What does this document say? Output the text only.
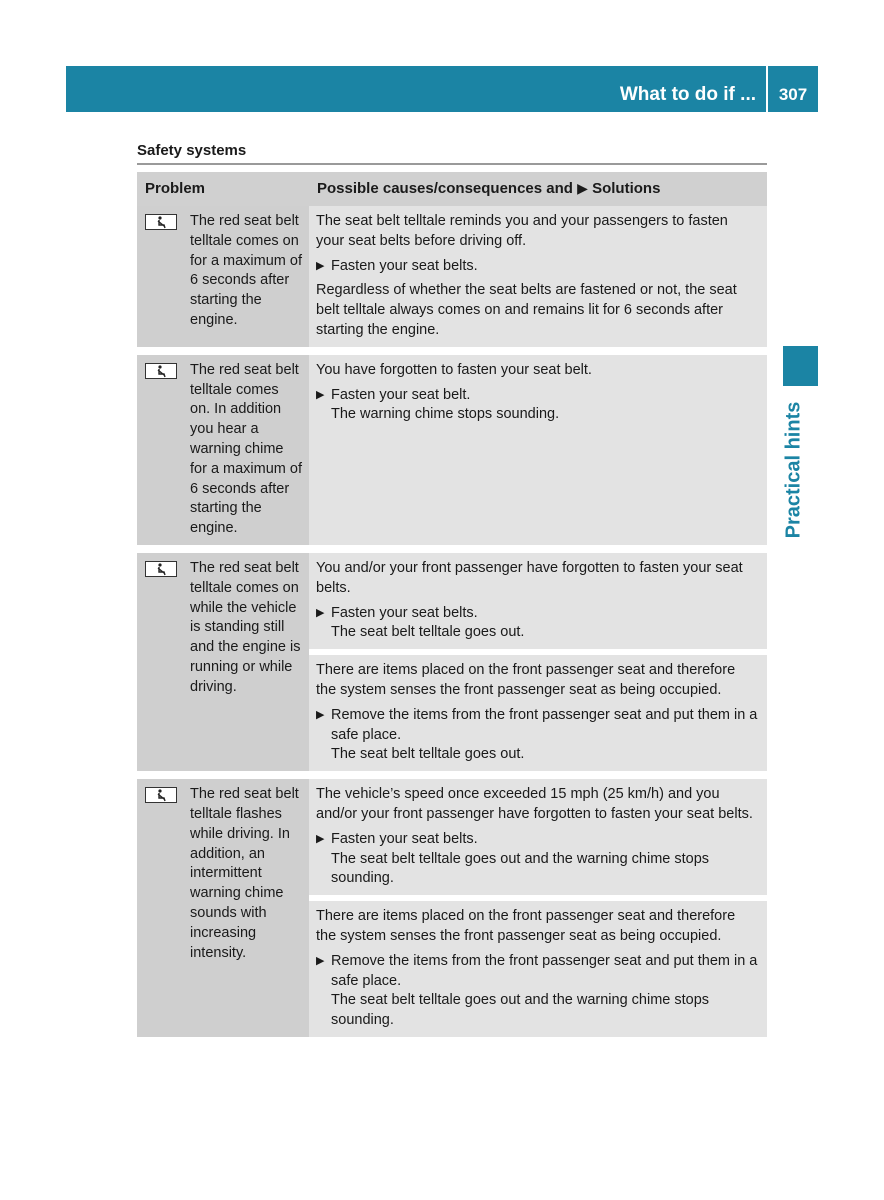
What to do if ...	307
Safety systems
Practical hints
Problem	Possible causes/consequences and ▶ Solutions

The red seat belt telltale comes on for a maximum of 6 seconds after starting the engine.	The seat belt telltale reminds you and your passengers to fasten your seat belts before driving off.

▶ Fasten your seat belts.

Regardless of whether the seat belts are fastened or not, the seat belt telltale always comes on and remains lit for 6 seconds after starting the engine.

The red seat belt telltale comes on. In addition you hear a warning chime for a maximum of 6 seconds after starting the engine.	You have forgotten to fasten your seat belt.

▶ Fasten your seat belt.
The warning chime stops sounding.

The red seat belt telltale comes on while the vehicle is standing still and the engine is running or while driving.	You and/or your front passenger have forgotten to fasten your seat belts.

▶ Fasten your seat belts.
The seat belt telltale goes out.

	There are items placed on the front passenger seat and therefore the system senses the front passenger seat as being occupied.

▶ Remove the items from the front passenger seat and put them in a safe place.
The seat belt telltale goes out.

The red seat belt telltale flashes while driving. In addition, an intermittent warning chime sounds with increasing intensity.	The vehicle’s speed once exceeded 15 mph (25 km/h) and you and/or your front passenger have forgotten to fasten your seat belts.

▶ Fasten your seat belts.
The seat belt telltale goes out and the warning chime stops sounding.

	There are items placed on the front passenger seat and therefore the system senses the front passenger seat as being occupied.

▶ Remove the items from the front passenger seat and put them in a safe place.
The seat belt telltale goes out and the warning chime stops sounding.
